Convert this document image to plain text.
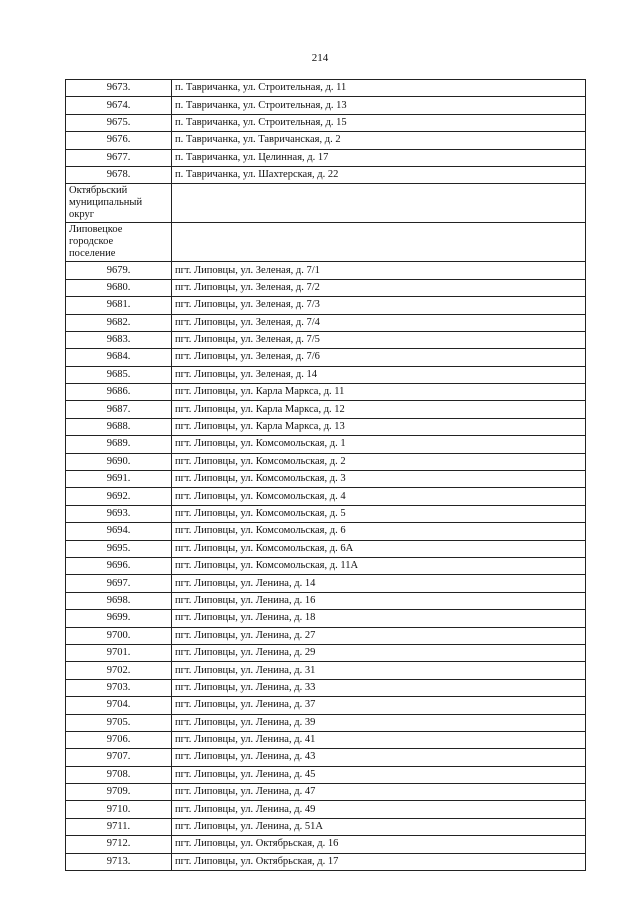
214
9673.	п. Тавричанка, ул. Строительная, д. 11
9674.	п. Тавричанка, ул. Строительная, д. 13
9675.	п. Тавричанка, ул. Строительная, д. 15
9676.	п. Тавричанка, ул. Тавричанская, д. 2
9677.	п. Тавричанка, ул. Целинная, д. 17
9678.	п. Тавричанка, ул. Шахтерская, д. 22
Октябрьский
муниципальный
округ	
Липовецкое
городское
поселение	
9679.	пгт. Липовцы, ул. Зеленая, д. 7/1
9680.	пгт. Липовцы, ул. Зеленая, д. 7/2
9681.	пгт. Липовцы, ул. Зеленая, д. 7/3
9682.	пгт. Липовцы, ул. Зеленая, д. 7/4
9683.	пгт. Липовцы, ул. Зеленая, д. 7/5
9684.	пгт. Липовцы, ул. Зеленая, д. 7/6
9685.	пгт. Липовцы, ул. Зеленая, д. 14
9686.	пгт. Липовцы, ул. Карла Маркса, д. 11
9687.	пгт. Липовцы, ул. Карла Маркса, д. 12
9688.	пгт. Липовцы, ул. Карла Маркса, д. 13
9689.	пгт. Липовцы, ул. Комсомольская, д. 1
9690.	пгт. Липовцы, ул. Комсомольская, д. 2
9691.	пгт. Липовцы, ул. Комсомольская, д. 3
9692.	пгт. Липовцы, ул. Комсомольская, д. 4
9693.	пгт. Липовцы, ул. Комсомольская, д. 5
9694.	пгт. Липовцы, ул. Комсомольская, д. 6
9695.	пгт. Липовцы, ул. Комсомольская, д. 6А
9696.	пгт. Липовцы, ул. Комсомольская, д. 11А
9697.	пгт. Липовцы, ул. Ленина, д. 14
9698.	пгт. Липовцы, ул. Ленина, д. 16
9699.	пгт. Липовцы, ул. Ленина, д. 18
9700.	пгт. Липовцы, ул. Ленина, д. 27
9701.	пгт. Липовцы, ул. Ленина, д. 29
9702.	пгт. Липовцы, ул. Ленина, д. 31
9703.	пгт. Липовцы, ул. Ленина, д. 33
9704.	пгт. Липовцы, ул. Ленина, д. 37
9705.	пгт. Липовцы, ул. Ленина, д. 39
9706.	пгт. Липовцы, ул. Ленина, д. 41
9707.	пгт. Липовцы, ул. Ленина, д. 43
9708.	пгт. Липовцы, ул. Ленина, д. 45
9709.	пгт. Липовцы, ул. Ленина, д. 47
9710.	пгт. Липовцы, ул. Ленина, д. 49
9711.	пгт. Липовцы, ул. Ленина, д. 51А
9712.	пгт. Липовцы, ул. Октябрьская, д. 16
9713.	пгт. Липовцы, ул. Октябрьская, д. 17
